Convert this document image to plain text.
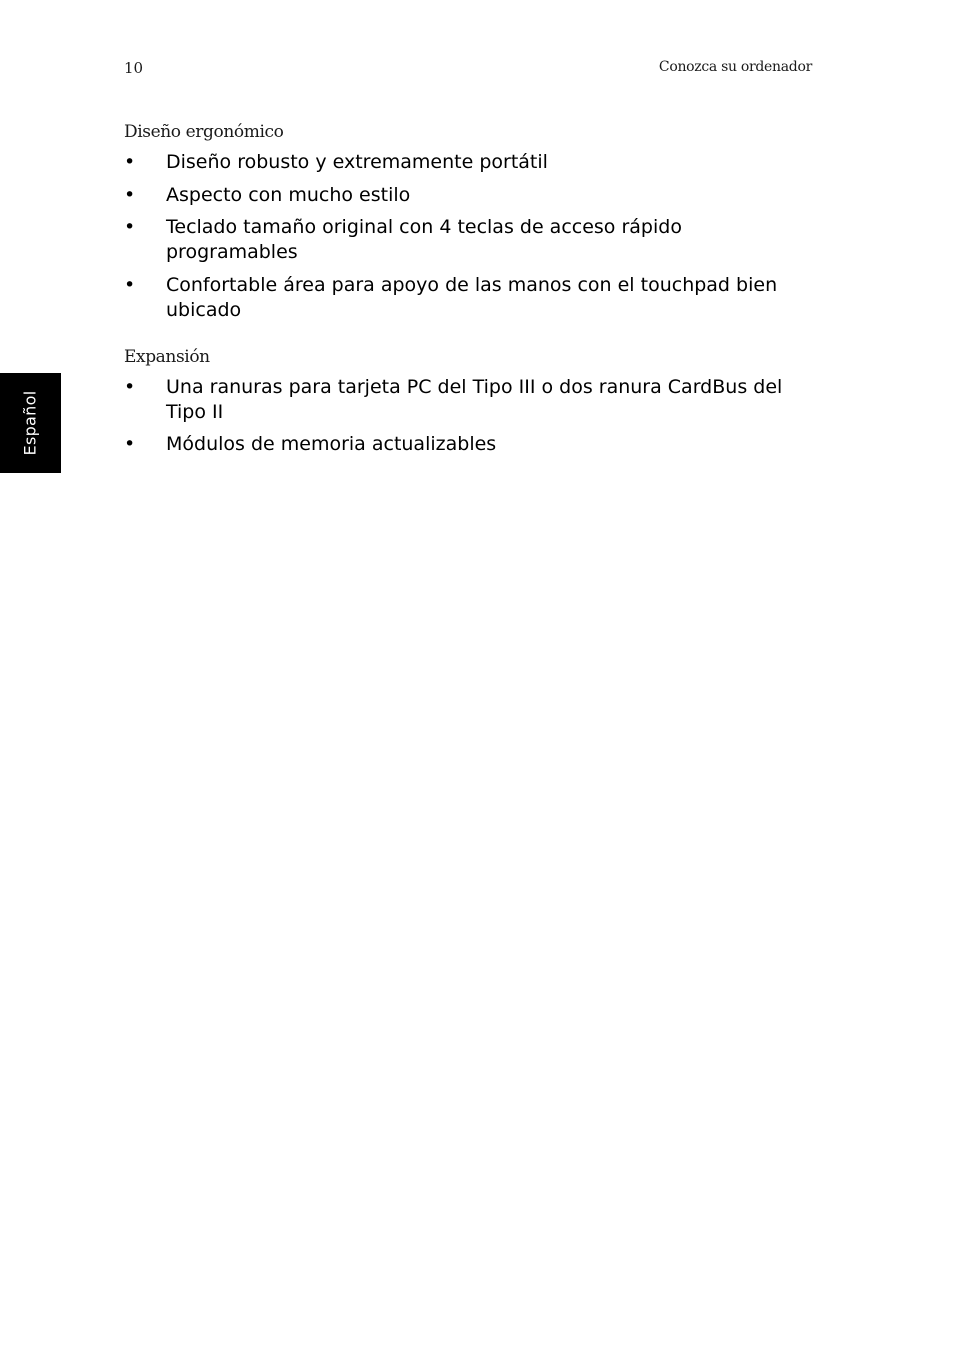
10	Conozca su ordenador
Español
Diseño ergonómico
• Diseño robusto y extremamente portátil
• Aspecto con mucho estilo
• Teclado tamaño original con 4 teclas de acceso rápido programables
• Confortable área para apoyo de las manos con el touchpad bien ubicado
Expansión
• Una ranuras para tarjeta PC del Tipo III o dos ranura CardBus del Tipo II
• Módulos de memoria actualizables
